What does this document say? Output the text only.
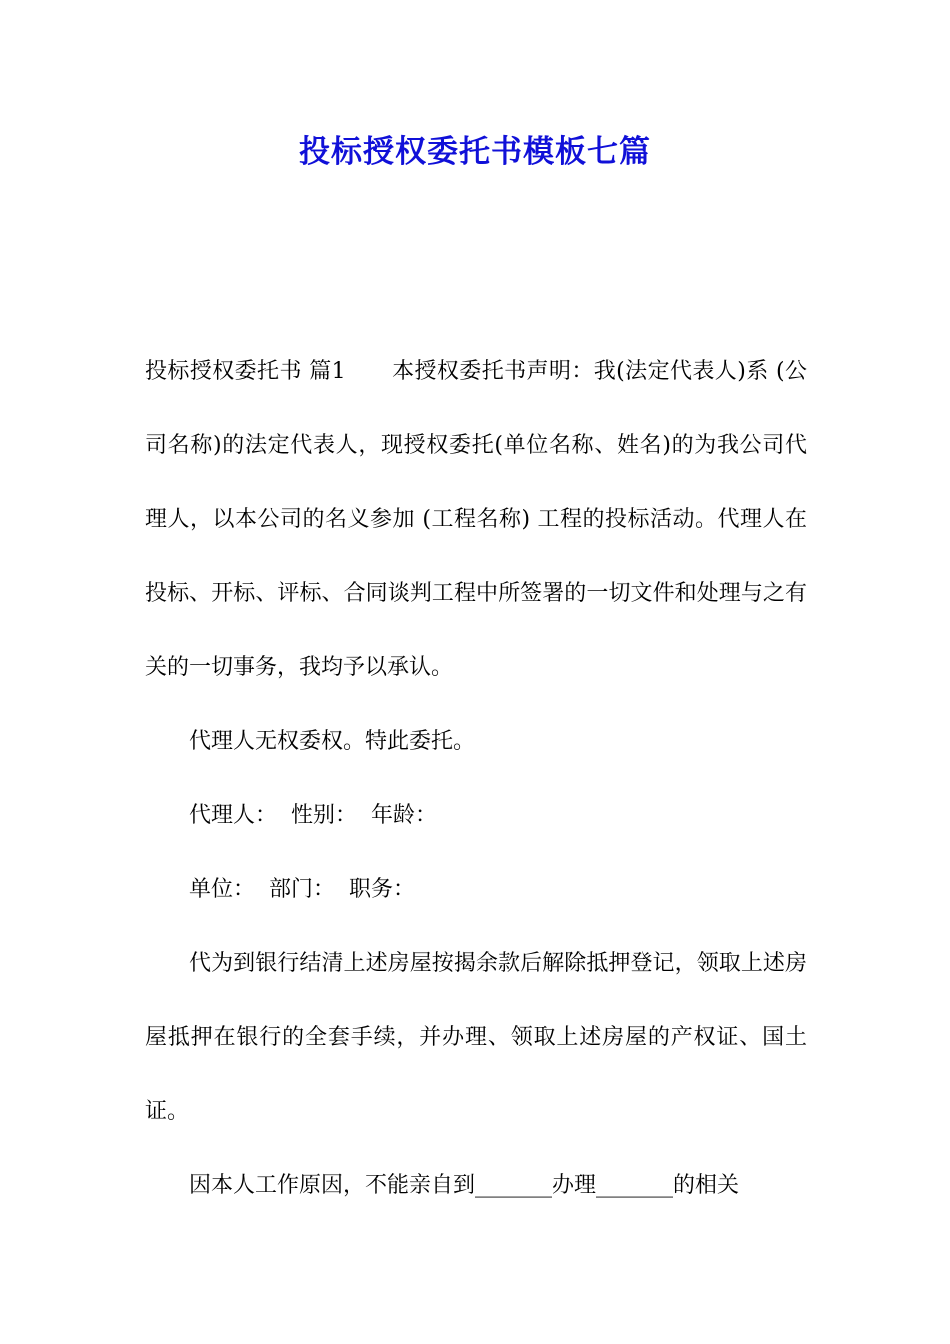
投标授权委托书模板七篇

投标授权委托书 篇1 本授权委托书声明：我(法定代表人)系 (公司名称)的法定代表人，现授权委托(单位名称、姓名)的为我公司代理人，以本公司的名义参加 (工程名称) 工程的投标活动。代理人在投标、开标、评标、合同谈判工程中所签署的一切文件和处理与之有关的一切事务，我均予以承认。

代理人无权委权。特此委托。

代理人：  性别：  年龄：

单位：  部门：  职务：

代为到银行结清上述房屋按揭余款后解除抵押登记，领取上述房屋抵押在银行的全套手续，并办理、领取上述房屋的产权证、国土证。

因本人工作原因，不能亲自到_______办理_______的相关
